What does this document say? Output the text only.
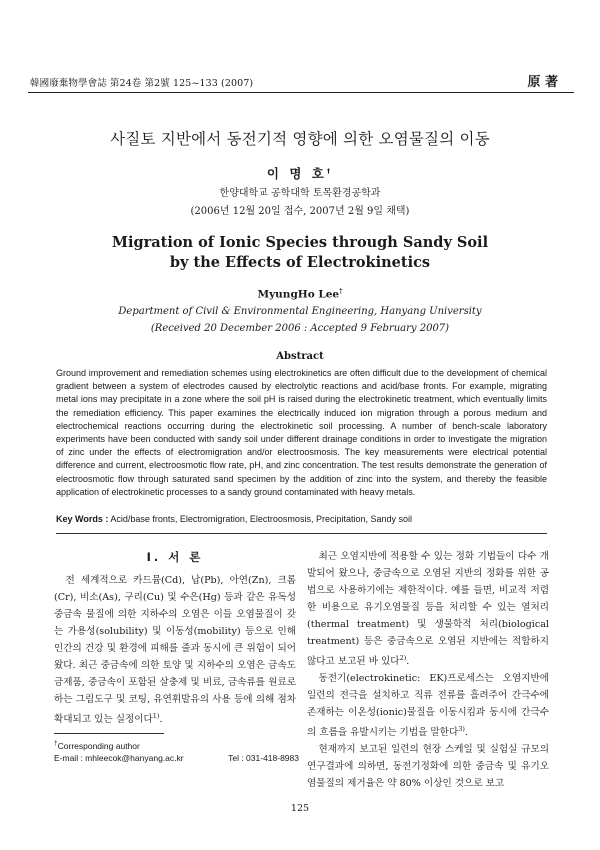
韓國廢棄物學會誌 第24卷 第2號 125~133 (2007)	原 著
사질토 지반에서 동전기적 영향에 의한 오염물질의 이동
이 명 호†
한양대학교 공학대학 토목환경공학과
(2006년 12월 20일 접수, 2007년 2월 9일 채택)
Migration of Ionic Species through Sandy Soil
by the Effects of Electrokinetics
MyungHo Lee†
Department of Civil & Environmental Engineering, Hanyang University
(Received 20 December 2006 : Accepted 9 February 2007)
Abstract

Ground improvement and remediation schemes using electrokinetics are often difficult due to the development of chemical gradient between a system of electrodes caused by electrolytic reactions and acid/base fronts. For example, migrating metal ions may precipitate in a zone where the soil pH is raised during the electrokinetic treatment, which eventually limits the remediation efficiency. This paper examines the electrically induced ion migration through a porous medium and electrochemical reactions occurring during the electrokinetic soil processing. A number of bench-scale laboratory experiments have been conducted with sandy soil under different drainage conditions in order to investigate the migration of zinc under the effects of electromigration and/or electroosmosis. The key measurements were electrical potential difference and current, electroosmotic flow rate, pH, and zinc concentration. The test results demonstrate the generation of electroosmotic flow through saturated sand specimen by the addition of zinc into the system, and thereby the feasible application of electrokinetic processes to a sandy ground contaminated with heavy metals.

Key Words : Acid/base fronts, Electromigration, Electroosmosis, Precipitation, Sandy soil
I. 서 론

전 세계적으로 카드뮴(Cd), 납(Pb), 아연(Zn), 크롬(Cr), 비소(As), 구리(Cu) 및 수은(Hg) 등과 같은 유독성 중금속 물질에 의한 지하수의 오염은 이들 오염물질이 갖는 가용성(solubility) 및 이동성(mobility) 등으로 인해 인간의 건강 및 환경에 피해를 줄과 동시에 큰 위험이 되어왔다. 최근 중금속에 의한 토양 및 지하수의 오염은 금속도금제품, 중금속이 포함된 살충제 및 비료, 금속류를 원료로 하는 그림도구 및 코팅, 유연휘발유의 사용 등에 의해 점차 확대되고 있는 실정이다$^{1)}$.

최근 오염지반에 적용할 수 있는 정화 기법들이 다수 개발되어 왔으나, 중금속으로 오염된 지반의 정화를 위한 공법으로 사용하기에는 제한적이다. 예를 들면, 비교적 저렴한 비용으로 유기오염물질 등을 처리할 수 있는 열처리(thermal treatment) 및 생물학적 처리(biological treatment) 등은 중금속으로 오염된 지반에는 적합하지 않다고 보고된 바 있다$^{2)}$.

동전기(electrokinetic: EK)프로세스는 오염지반에 일련의 전극을 설치하고 직류 전류를 흘려주어 간극수에 존재하는 이온성(ionic)물질을 이동시킴과 동시에 간극수의 흐름을 유발시키는 기법을 말한다$^{3)}$.

현재까지 보고된 일련의 현장 스케일 및 실험실 규모의 연구결과에 의하면, 동전기정화에 의한 중금속 및 유기오염물질의 제거율은 약 80% 이상인 것으로 보고

†Corresponding author
E-mail : mhleecok@hanyang.ac.kr	Tel : 031-418-8983
125
